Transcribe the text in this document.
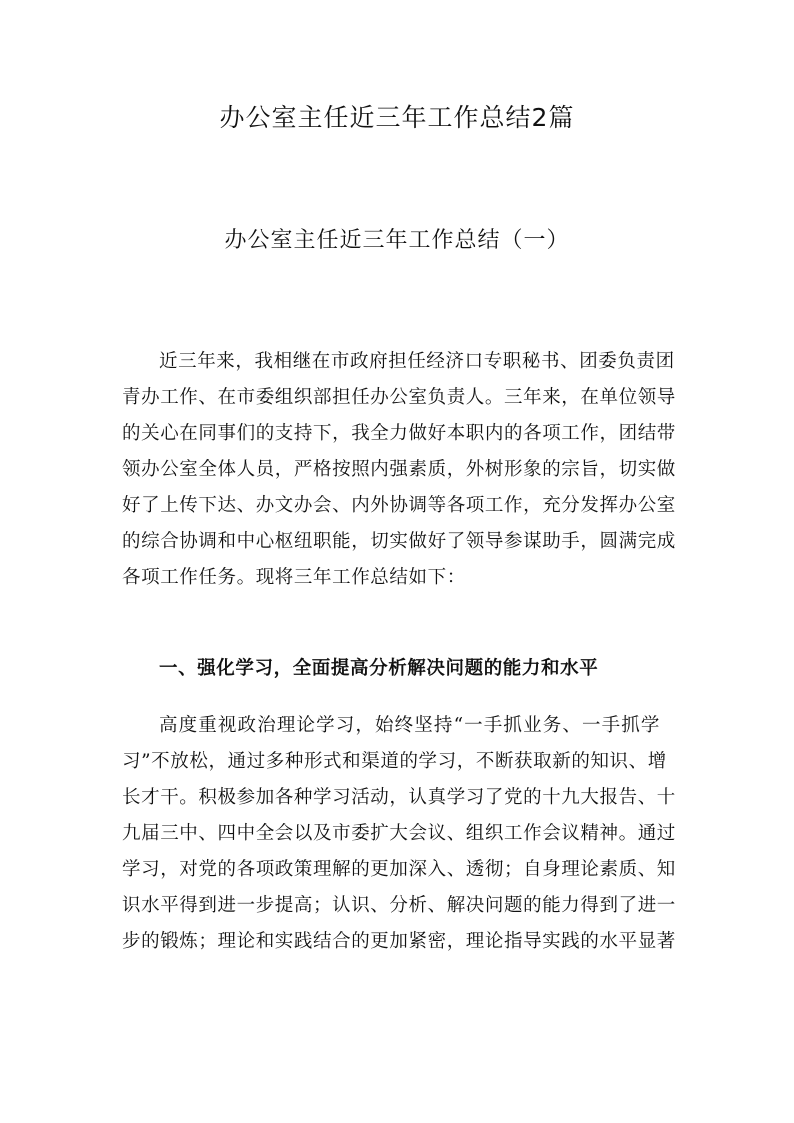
办公室主任近三年工作总结2篇
办公室主任近三年工作总结（一）

近三年来，我相继在市政府担任经济口专职秘书、团委负责团
青办工作、在市委组织部担任办公室负责人。三年来，在单位领导
的关心在同事们的支持下，我全力做好本职内的各项工作，团结带
领办公室全体人员，严格按照内强素质，外树形象的宗旨，切实做
好了上传下达、办文办会、内外协调等各项工作，充分发挥办公室
的综合协调和中心枢纽职能，切实做好了领导参谋助手，圆满完成
各项工作任务。现将三年工作总结如下：

一、强化学习，全面提高分析解决问题的能力和水平

高度重视政治理论学习，始终坚持“一手抓业务、一手抓学
习”不放松，通过多种形式和渠道的学习，不断获取新的知识、增
长才干。积极参加各种学习活动，认真学习了党的十九大报告、十
九届三中、四中全会以及市委扩大会议、组织工作会议精神。通过
学习，对党的各项政策理解的更加深入、透彻；自身理论素质、知
识水平得到进一步提高；认识、分析、解决问题的能力得到了进一
步的锻炼；理论和实践结合的更加紧密，理论指导实践的水平显著
